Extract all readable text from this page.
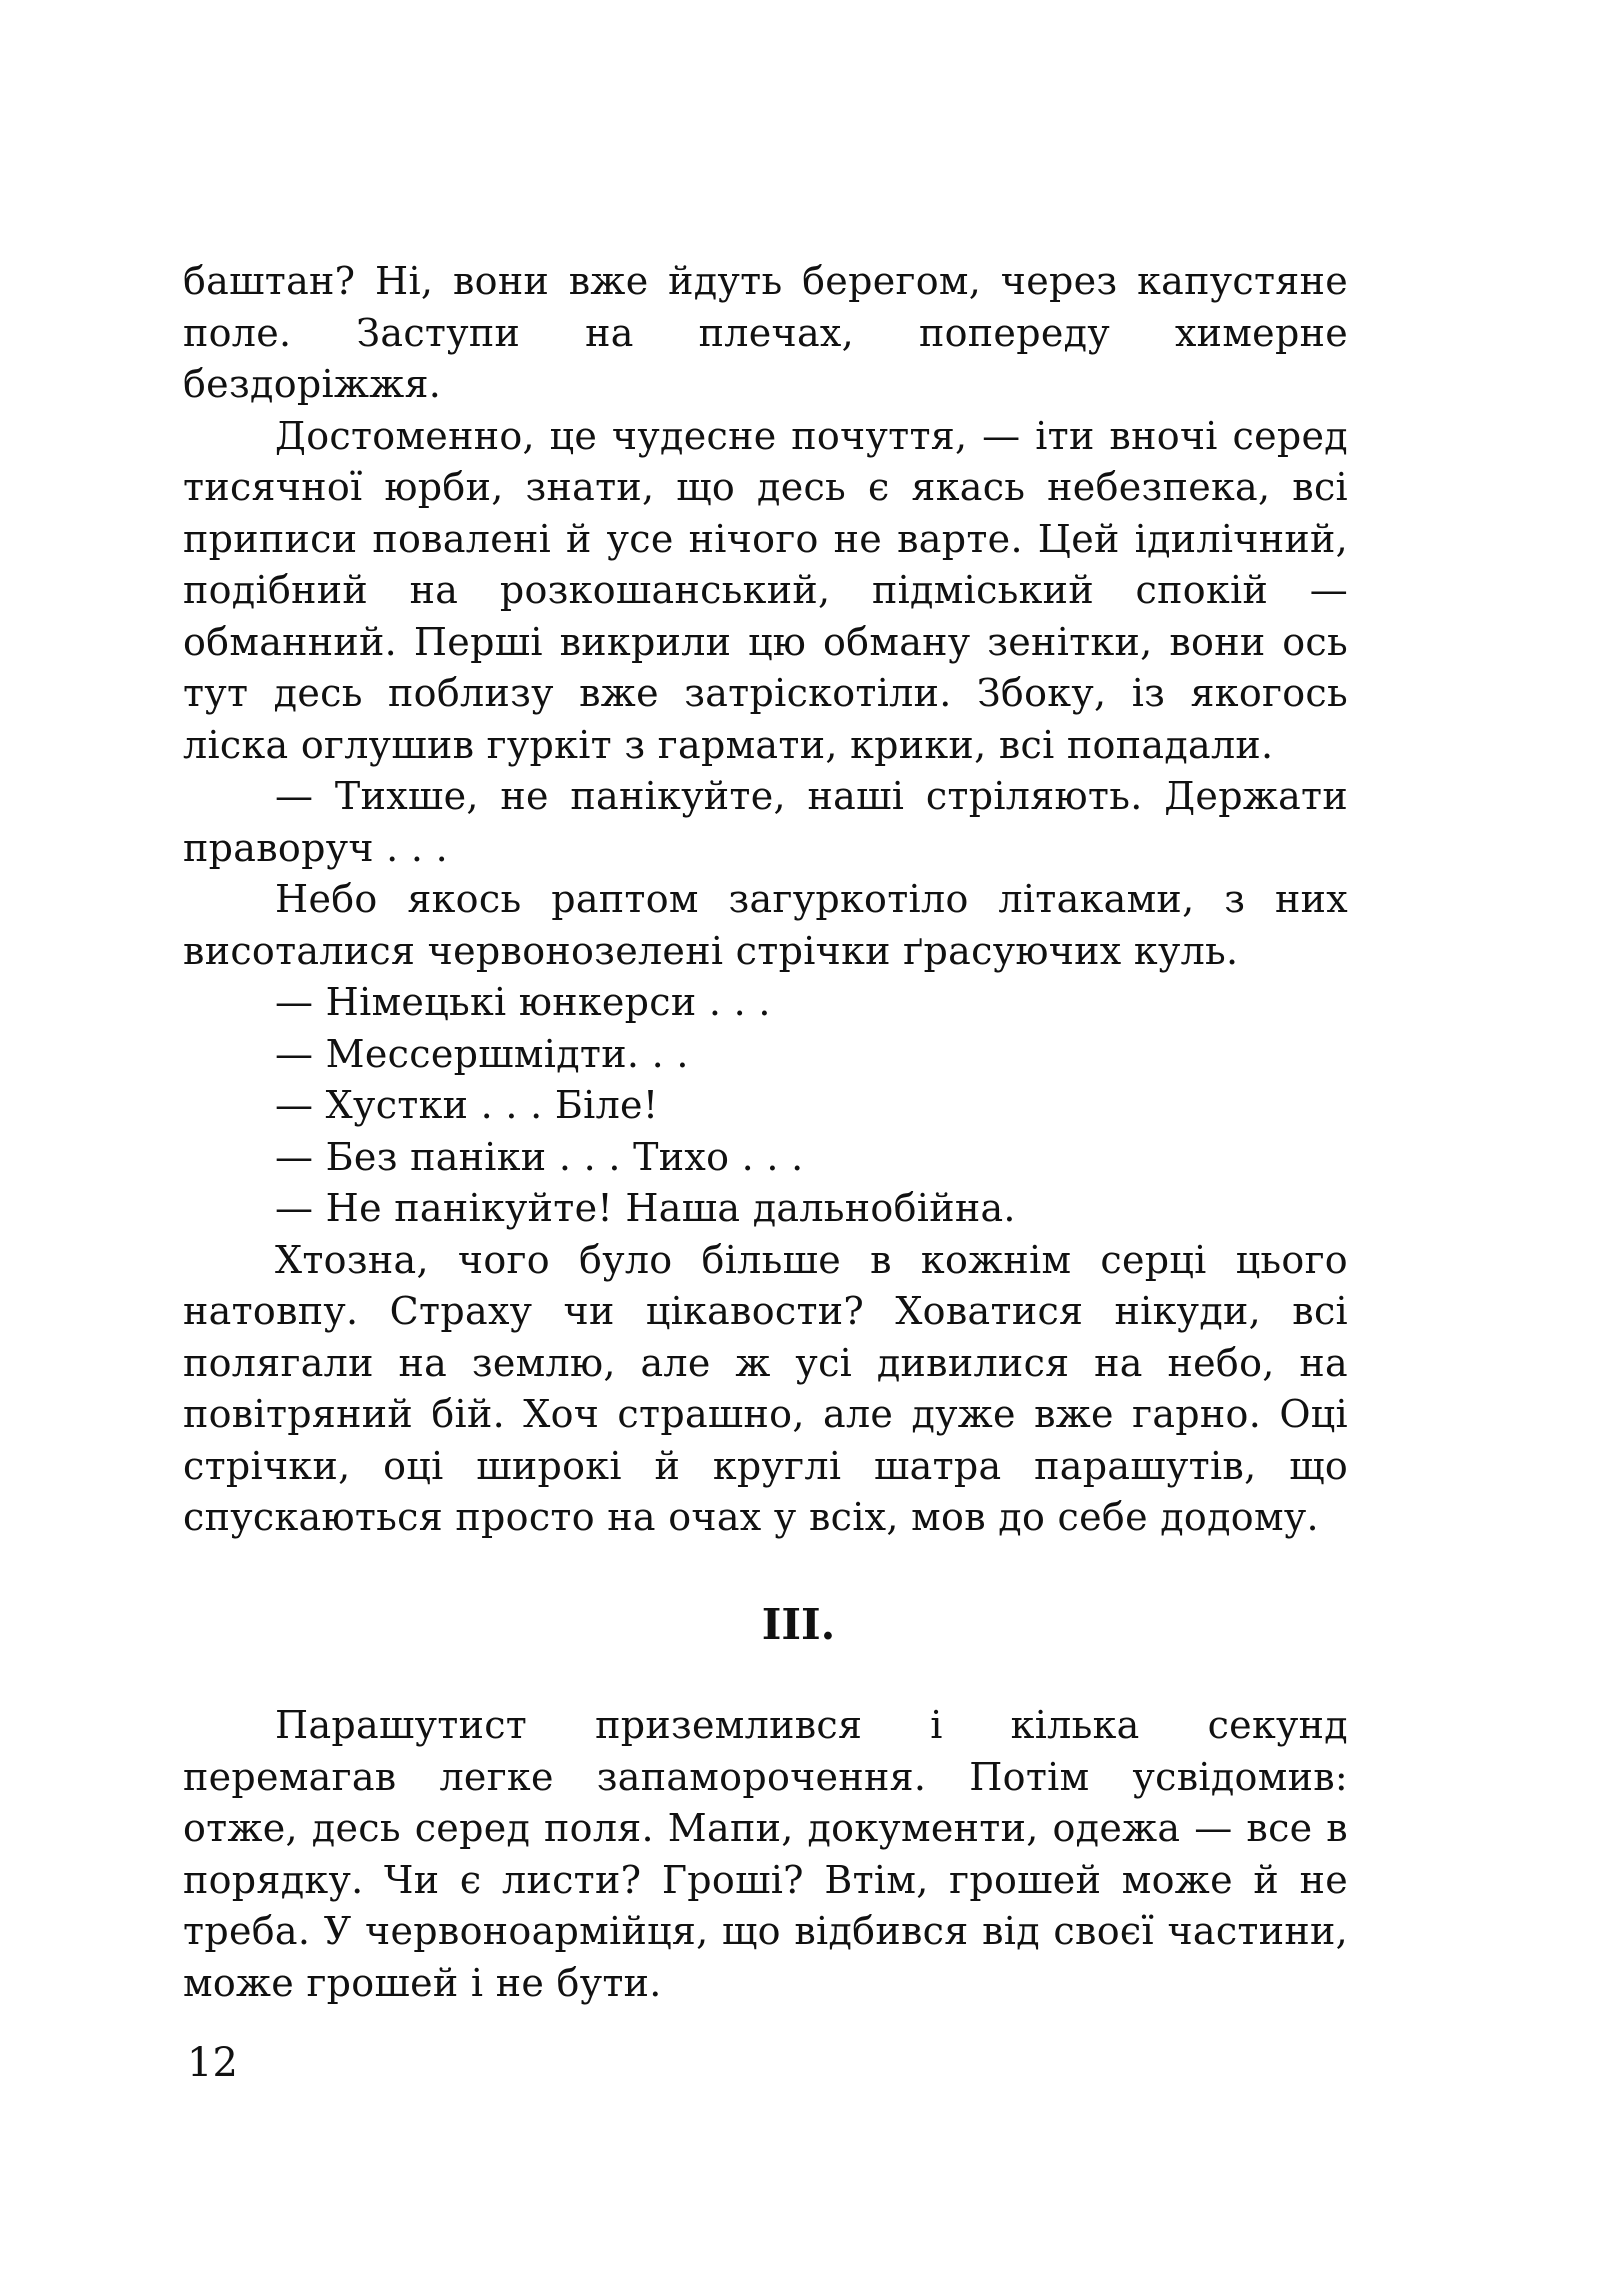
баштан? Ні, вони вже йдуть берегом, через капустяне поле. Заступи на плечах, попереду химерне бездоріжжя.

Достоменно, це чудесне почуття, — іти вночі серед тисячної юрби, знати, що десь є якась небезпека, всі приписи повалені й усе нічого не варте. Цей ідилічний, подібний на розкошанський, підміський спокій — обманний. Перші викрили цю обману зенітки, вони ось тут десь поблизу вже затріскотіли. Збоку, із якогось ліска оглушив гуркіт з гармати, крики, всі попадали.

— Тихше, не панікуйте, наші стріляють. Держати праворуч . . .

Небо якось раптом загуркотіло літаками, з них висоталися червонозелені стрічки ґрасуючих куль.

— Німецькі юнкерси . . .

— Мессершмідти. . .

— Хустки . . . Біле!

— Без паніки . . . Тихо . . .

— Не панікуйте! Наша дальнобійна.

Хтозна, чого було більше в кожнім серці цього натовпу. Страху чи цікавости? Ховатися нікуди, всі полягали на землю, але ж усі дивилися на небо, на повітряний бій. Хоч страшно, але дуже вже гарно. Оці стрічки, оці широкі й круглі шатра парашутів, що спускаються просто на очах у всіх, мов до себе додому.

III.

Парашутист приземлився і кілька секунд перемагав легке запаморочення. Потім усвідомив: отже, десь серед поля. Мапи, документи, одежа — все в порядку. Чи є листи? Гроші? Втім, грошей може й не треба. У червоноармійця, що відбився від своєї частини, може грошей і не бути.

12
